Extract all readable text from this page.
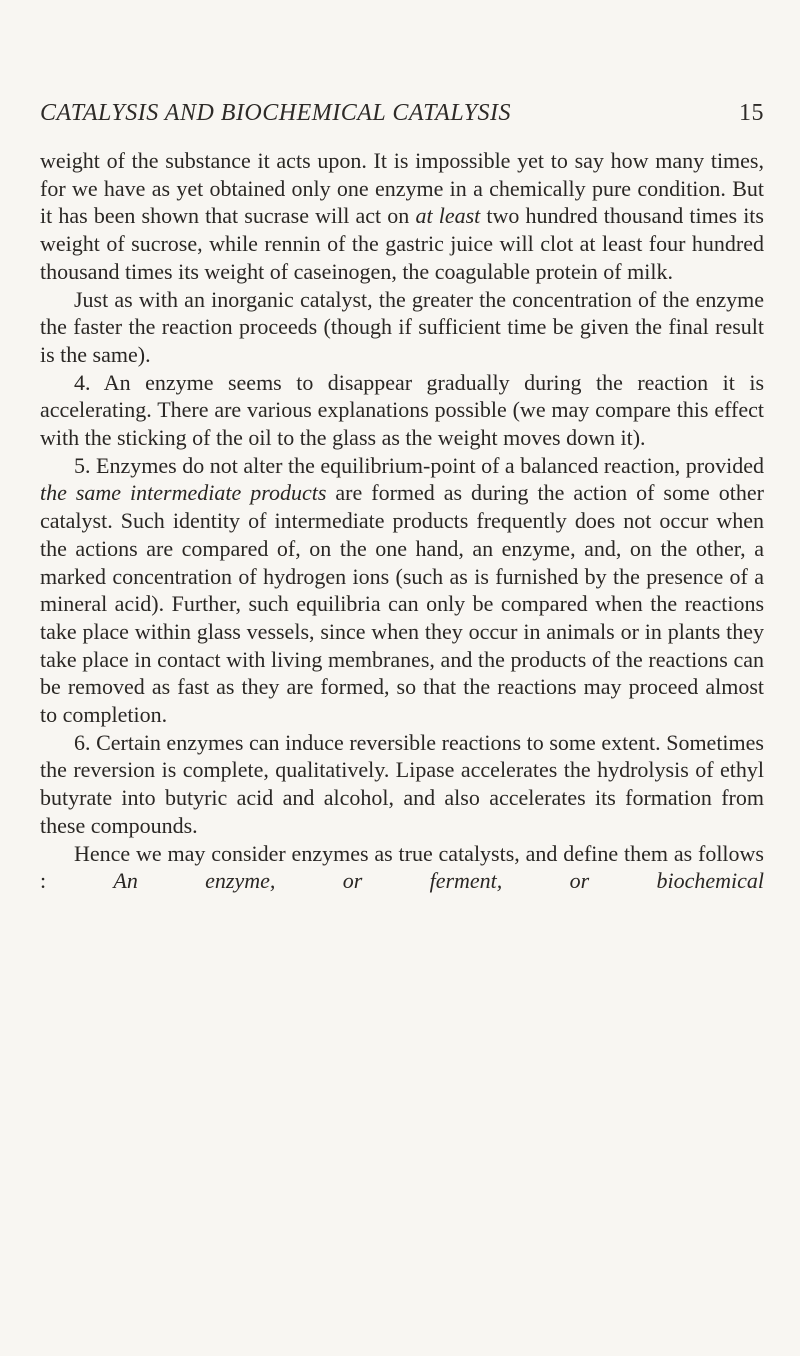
CATALYSIS AND BIOCHEMICAL CATALYSIS	15

weight of the substance it acts upon. It is impossible yet to say how many times, for we have as yet obtained only one enzyme in a chemically pure condition. But it has been shown that sucrase will act on at least two hundred thousand times its weight of sucrose, while rennin of the gastric juice will clot at least four hundred thousand times its weight of caseinogen, the coagulable protein of milk.

Just as with an inorganic catalyst, the greater the concentration of the enzyme the faster the reaction proceeds (though if sufficient time be given the final result is the same).

4. An enzyme seems to disappear gradually during the reaction it is accelerating. There are various explanations possible (we may compare this effect with the sticking of the oil to the glass as the weight moves down it).

5. Enzymes do not alter the equilibrium-point of a balanced reaction, provided the same intermediate products are formed as during the action of some other catalyst. Such identity of intermediate products frequently does not occur when the actions are compared of, on the one hand, an enzyme, and, on the other, a marked concentration of hydrogen ions (such as is furnished by the presence of a mineral acid). Further, such equilibria can only be compared when the reactions take place within glass vessels, since when they occur in animals or in plants they take place in contact with living membranes, and the products of the reactions can be removed as fast as they are formed, so that the reactions may proceed almost to completion.

6. Certain enzymes can induce reversible reactions to some extent. Sometimes the reversion is complete, qualitatively. Lipase accelerates the hydrolysis of ethyl butyrate into butyric acid and alcohol, and also accelerates its formation from these compounds.

Hence we may consider enzymes as true catalysts, and define them as follows : An enzyme, or ferment, or biochemical
